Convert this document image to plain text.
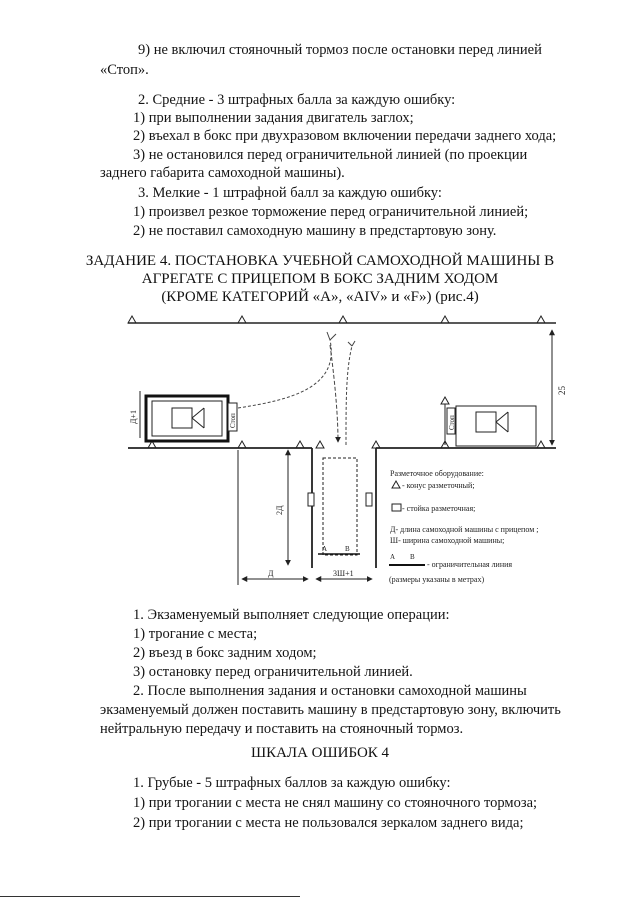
9) не включил стояночный тормоз после остановки перед линией
«Стоп».
2. Средние - 3 штрафных балла за каждую ошибку:
1) при выполнении задания двигатель заглох;
2) въехал в бокс при двухразовом включении передачи заднего хода;
3) не остановился перед ограничительной линией (по проекции
заднего габарита самоходной машины).
3. Мелкие - 1 штрафной балл за каждую ошибку:
1) произвел резкое торможение перед ограничительной линией;
2) не поставил самоходную машину в предстартовую зону.
ЗАДАНИЕ 4. ПОСТАНОВКА УЧЕБНОЙ САМОХОДНОЙ МАШИНЫ В
АГРЕГАТЕ С ПРИЦЕПОМ В БОКС ЗАДНИМ ХОДОМ
(КРОМЕ КАТЕГОРИЙ «А», «AIV» и «F») (рис.4)
25
Д+1	Стоп	Стоп
А	В
2Д
Д	3Ш+1
Разметочное оборудование:
- конус разметочный;
- стойка разметочная;
Д- длина самоходной машины с прицепом ;
Ш- ширина самоходной машины;
А В
- ограничительная линия
(размеры указаны в метрах)
1. Экзаменуемый выполняет следующие операции:
1) трогание с места;
2) въезд в бокс задним ходом;
3) остановку перед ограничительной линией.
2. После выполнения задания и остановки самоходной машины
экзаменуемый должен поставить машину в предстартовую зону, включить
нейтральную передачу и поставить на стояночный тормоз.
ШКАЛА ОШИБОК 4
1. Грубые - 5 штрафных баллов за каждую ошибку:
1) при трогании с места не снял машину со стояночного тормоза;
2) при трогании с места не пользовался зеркалом заднего вида;
